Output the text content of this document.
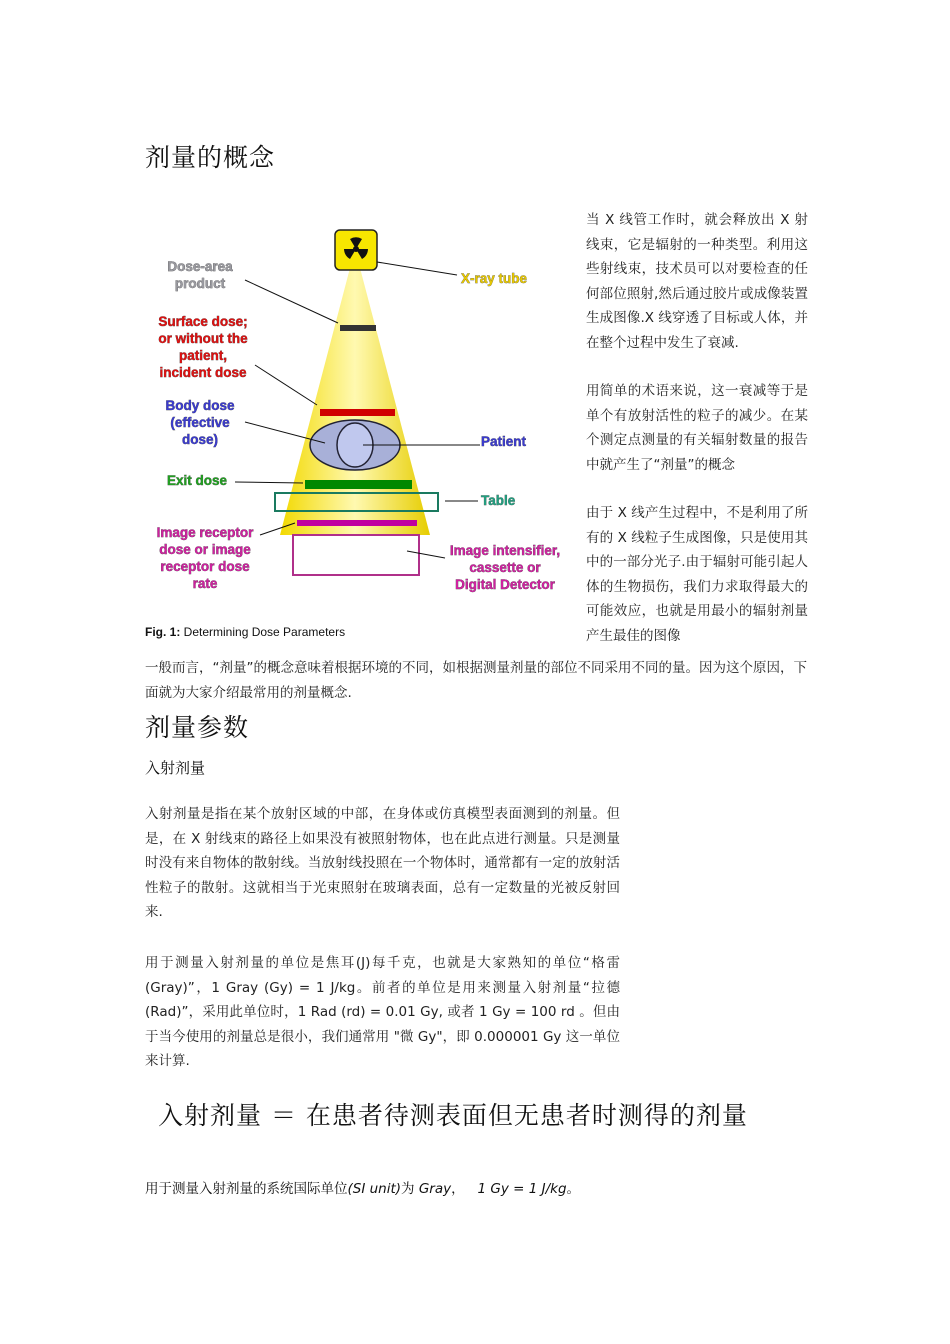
剂量的概念
Dose-area
product	X-ray tube
Surface dose;
or without the
patient,
incident dose
Body dose
(effective
dose)	Patient
Exit dose
Table
Image receptor
dose or image
receptor dose
rate
Image intensifier,
cassette or
Digital Detector
Fig. 1: Determining Dose Parameters

当 X 线管工作时，就会释放出 X 射线束，它是辐射的一种类型。利用这些射线束，技术员可以对要检查的任何部位照射,然后通过胶片或成像装置生成图像.X 线穿透了目标或人体，并在整个过程中发生了衰减.

用简单的术语来说，这一衰减等于是单个有放射活性的粒子的减少。在某个测定点测量的有关辐射数量的报告中就产生了“剂量”的概念

由于 X 线产生过程中，不是利用了所有的 X 线粒子生成图像，只是使用其中的一部分光子.由于辐射可能引起人体的生物损伤，我们力求取得最大的可能效应，也就是用最小的辐射剂量产生最佳的图像

一般而言，“剂量”的概念意味着根据环境的不同，如根据测量剂量的部位不同采用不同的量。因为这个原因，下面就为大家介绍最常用的剂量概念.
剂量参数
入射剂量

入射剂量是指在某个放射区域的中部，在身体或仿真模型表面测到的剂量。但是，在 X 射线束的路径上如果没有被照射物体，也在此点进行测量。只是测量时没有来自物体的散射线。当放射线投照在一个物体时，通常都有一定的放射活性粒子的散射。这就相当于光束照射在玻璃表面，总有一定数量的光被反射回来.

用于测量入射剂量的单位是焦耳(J)每千克，也就是大家熟知的单位“格雷(Gray)”，1 Gray (Gy) = 1 J/kg。前者的单位是用来测量入射剂量“拉德(Rad)”，采用此单位时，1 Rad (rd) = 0.01 Gy, 或者 1 Gy = 100 rd 。但由于当今使用的剂量总是很小，我们通常用 "微 Gy"，即 0.000001 Gy 这一单位来计算.

入射剂量 ＝ 在患者待测表面但无患者时测得的剂量
用于测量入射剂量的系统国际单位(SI unit)为 Gray， 1 Gy = 1 J/kg。
